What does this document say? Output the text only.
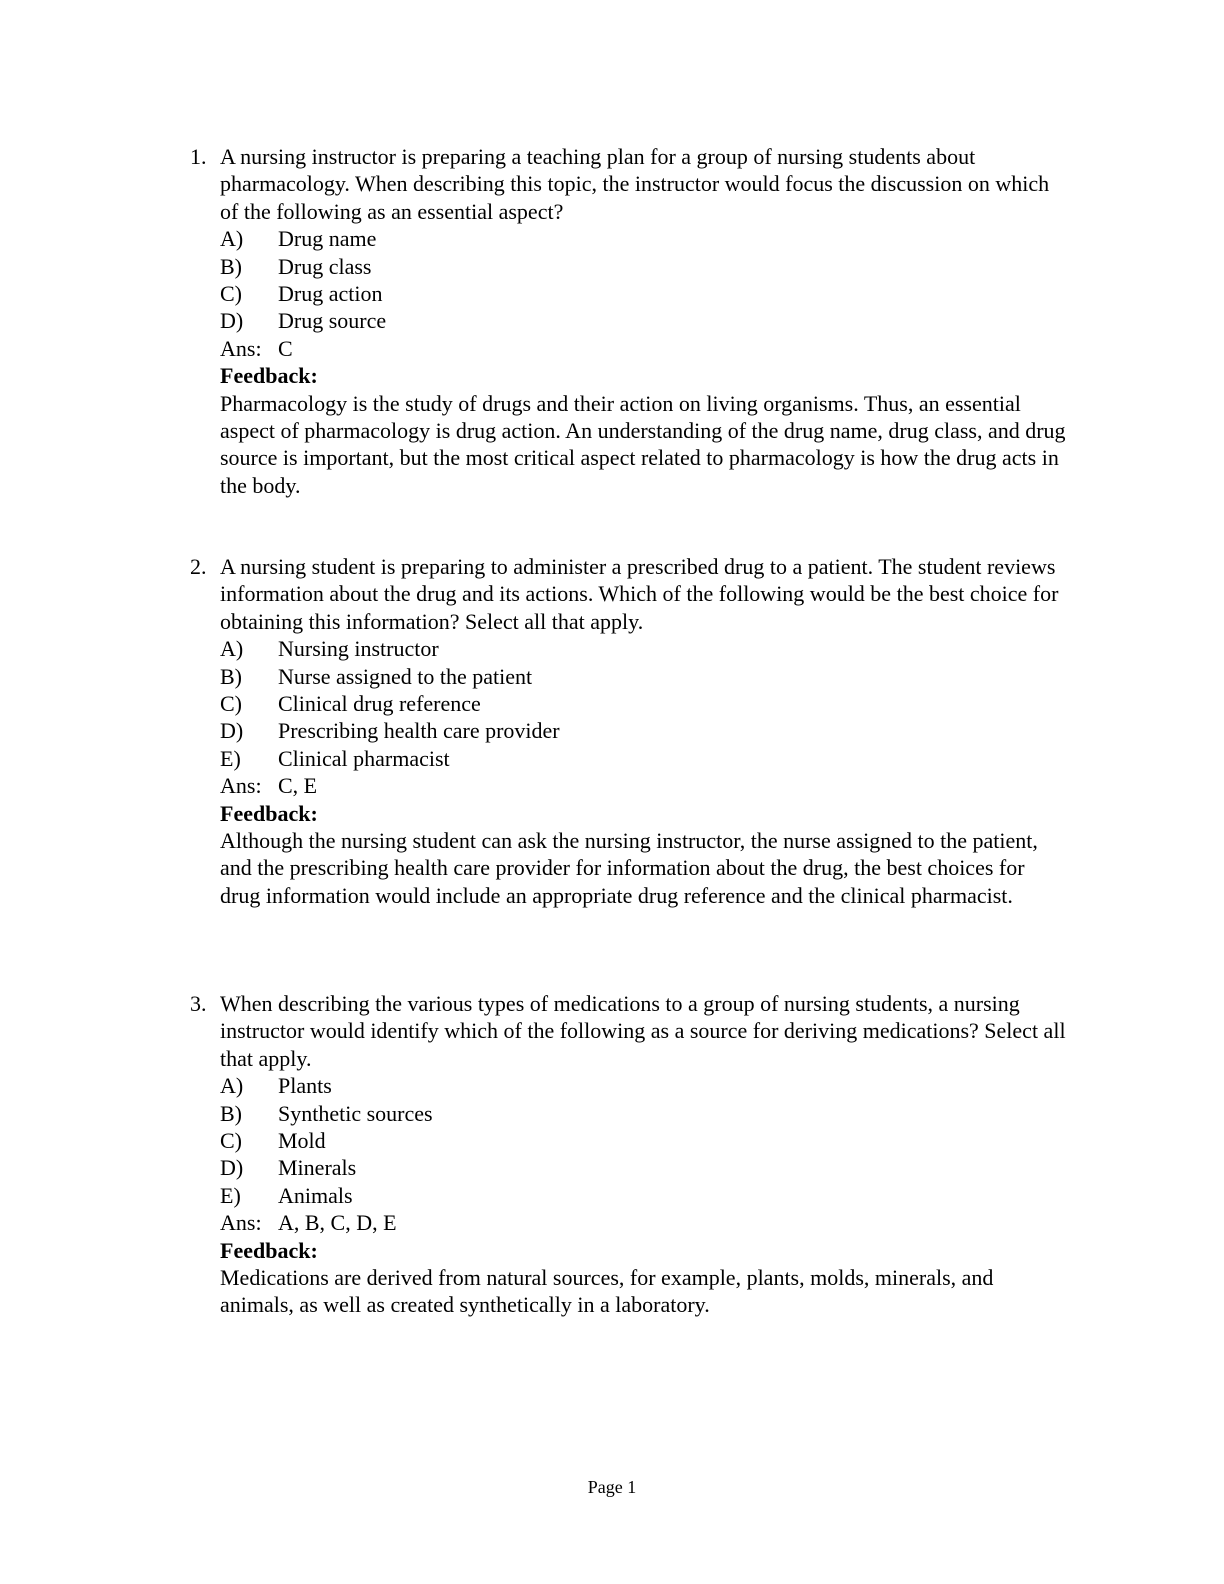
1. A nursing instructor is preparing a teaching plan for a group of nursing students about pharmacology. When describing this topic, the instructor would focus the discussion on which of the following as an essential aspect?
A)	Drug name
B)	Drug class
C)	Drug action
D)	Drug source
Ans: C
Feedback:
Pharmacology is the study of drugs and their action on living organisms. Thus, an essential aspect of pharmacology is drug action. An understanding of the drug name, drug class, and drug source is important, but the most critical aspect related to pharmacology is how the drug acts in the body.
2. A nursing student is preparing to administer a prescribed drug to a patient. The student reviews information about the drug and its actions. Which of the following would be the best choice for obtaining this information? Select all that apply.
A)	Nursing instructor
B)	Nurse assigned to the patient
C)	Clinical drug reference
D)	Prescribing health care provider
E)	Clinical pharmacist
Ans: C, E
Feedback:
Although the nursing student can ask the nursing instructor, the nurse assigned to the patient, and the prescribing health care provider for information about the drug, the best choices for drug information would include an appropriate drug reference and the clinical pharmacist.
3. When describing the various types of medications to a group of nursing students, a nursing instructor would identify which of the following as a source for deriving medications? Select all that apply.
A)	Plants
B)	Synthetic sources
C)	Mold
D)	Minerals
E)	Animals
Ans: A, B, C, D, E
Feedback:
Medications are derived from natural sources, for example, plants, molds, minerals, and animals, as well as created synthetically in a laboratory.
Page 1
